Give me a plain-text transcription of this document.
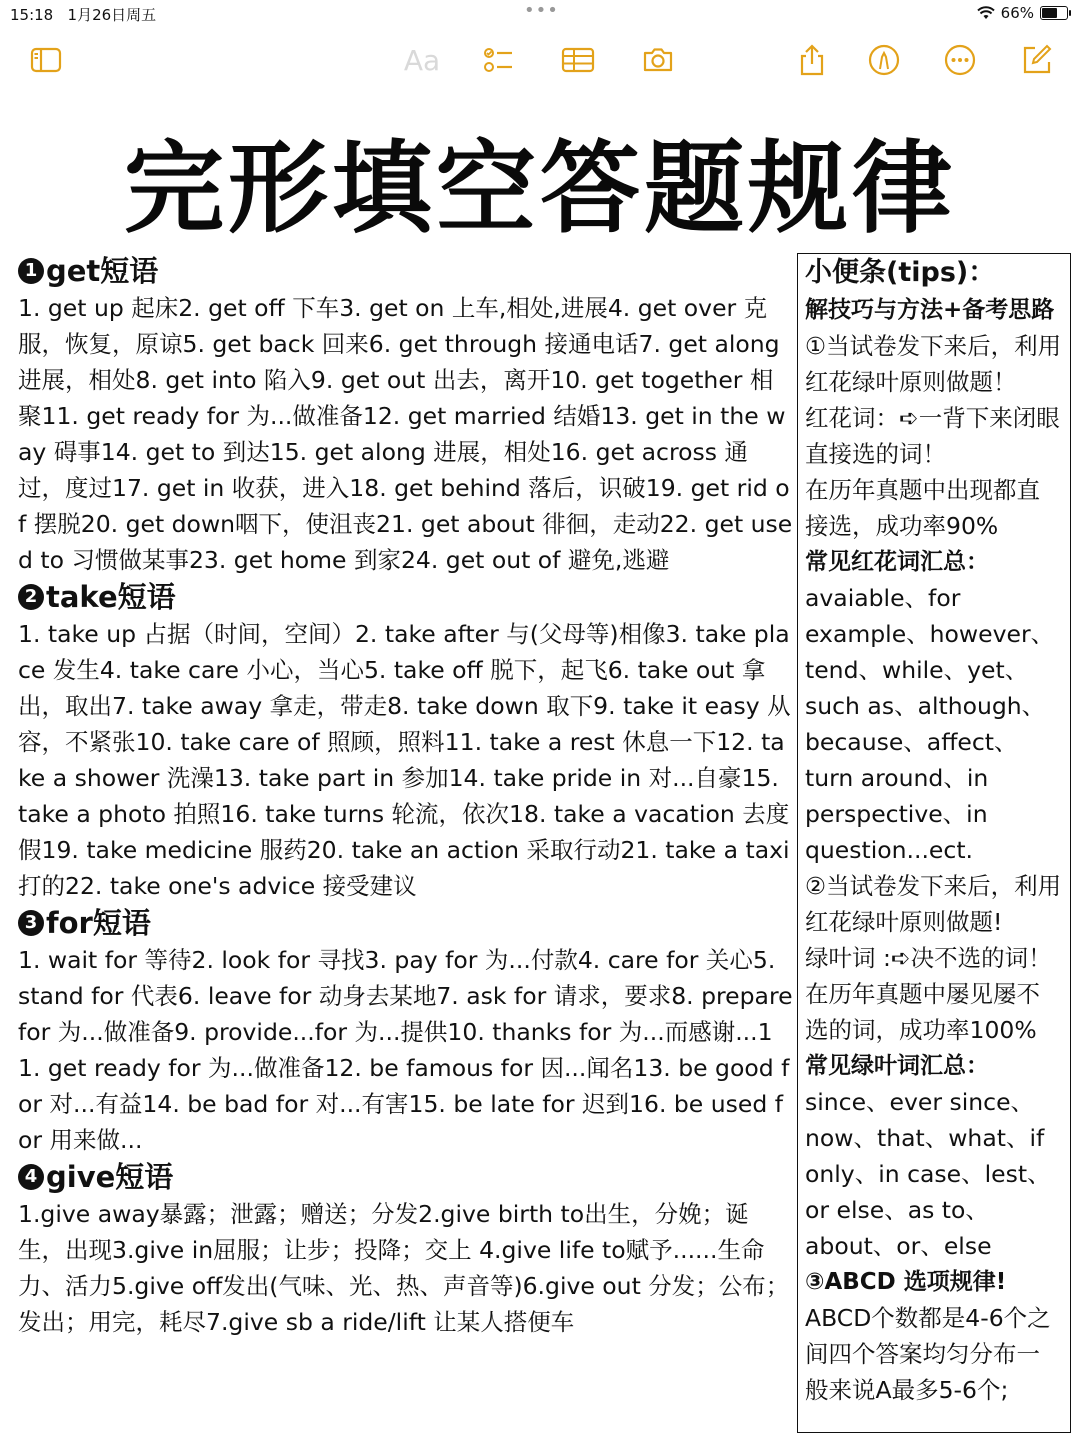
15:18 1月26日周五	•••	66%
Aa
完形填空答题规律

1 get短语

1. get up 起床2. get off 下车3. get on 上车,相处,进展4. get over 克服，恢复，原谅5. get back 回来6. get through 接通电话7. get along 进展，相处8. get into 陷入9. get out 出去，离开10. get together 相聚11. get ready for 为...做准备12. get married 结婚13. get in the way 碍事14. get to 到达15. get along 进展，相处16. get across 通过，度过17. get in 收获，进入18. get behind 落后，识破19. get rid of 摆脱20. get down咽下，使沮丧21. get about 徘徊，走动22. get used to 习惯做某事23. get home 到家24. get out of 避免,逃避

2 take短语

1. take up 占据（时间，空间）2. take after 与(父母等)相像3. take place 发生4. take care 小心，当心5. take off 脱下，起飞6. take out 拿出，取出7. take away 拿走，带走8. take down 取下9. take it easy 从容，不紧张10. take care of 照顾，照料11. take a rest 休息一下12. take a shower 洗澡13. take part in 参加14. take pride in 对...自豪15. take a photo 拍照16. take turns 轮流，依次18. take a vacation 去度假19. take medicine 服药20. take an action 采取行动21. take a taxi 打的22. take one's advice 接受建议

3 for短语

1. wait for 等待2. look for 寻找3. pay for 为...付款4. care for 关心5. stand for 代表6. leave for 动身去某地7. ask for 请求，要求8. prepare for 为...做准备9. provide...for 为...提供10. thanks for 为...而感谢...11. get ready for 为...做准备12. be famous for 因...闻名13. be good for 对...有益14. be bad for 对...有害15. be late for 迟到16. be used for 用来做...

4 give短语

1.give away暴露；泄露；赠送；分发2.give birth to出生，分娩；诞生，出现3.give in屈服；让步；投降；交上 4.give life to赋予......生命力、活力5.give off发出(气味、光、热、声音等)6.give out 分发；公布；发出；用完，耗尽7.give sb a ride/lift 让某人搭便车

小便条(tips)：
解技巧与方法+备考思路
①当试卷发下来后，利用红花绿叶原则做题！
红花词：➪一背下来闭眼直接选的词！
在历年真题中出现都直接选，成功率90%
常见红花词汇总：
avaiable、for example、however、tend、while、yet、such as、although、because、affect、turn around、in perspective、in question...ect.
②当试卷发下来后，利用红花绿叶原则做题!
绿叶词 :➪决不选的词！
在历年真题中屡见屡不选的词，成功率100%
常见绿叶词汇总：
since、ever since、now、that、what、if only、in case、lest、or else、as to、about、or、else
③ABCD 选项规律!
ABCD个数都是4-6个之间四个答案均匀分布一般来说A最多5-6个;
